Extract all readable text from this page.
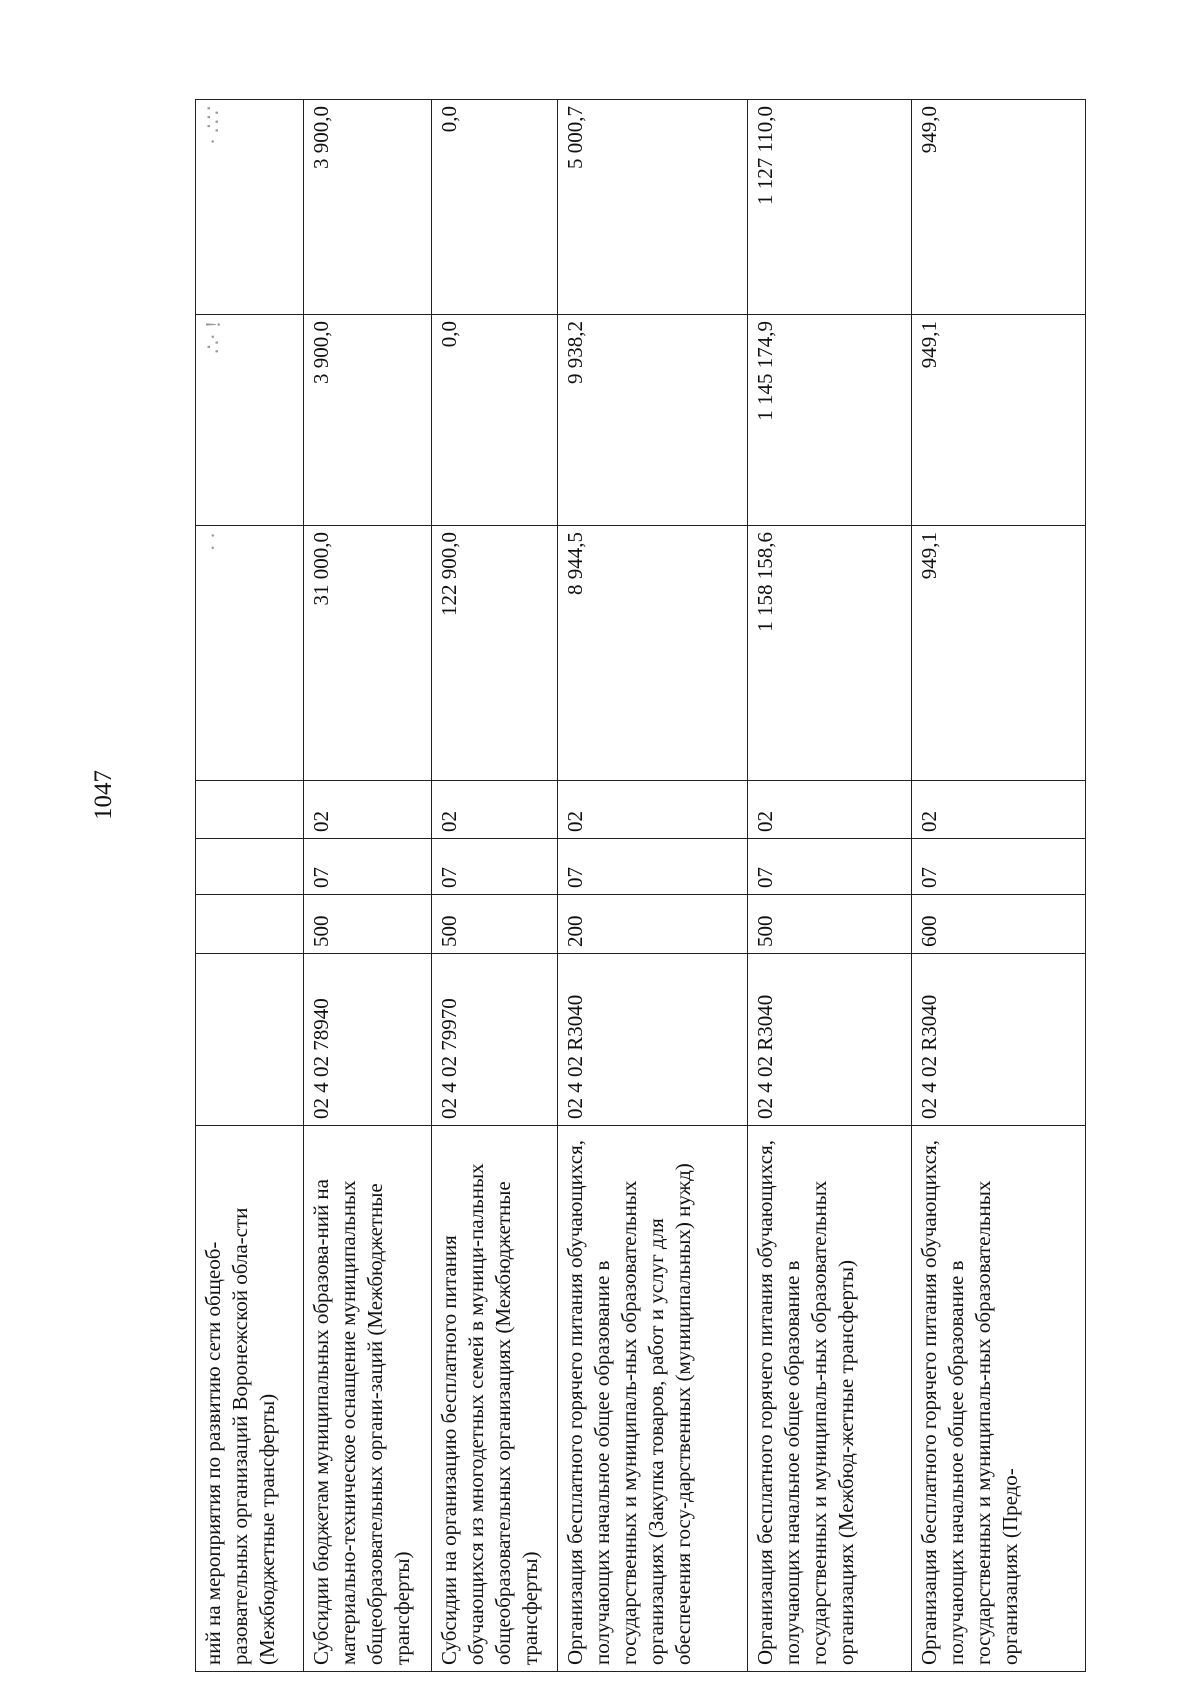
1047
ний на мероприятия по развитию сети общеоб-разовательных организаций Воронежской обла-сти (Межбюджетные трансферты)					· ·	∴· !	· ∴∵
Субсидии бюджетам муниципальных образова-ний на материально-техническое оснащение муниципальных общеобразовательных органи-заций (Межбюджетные трансферты)	02 4 02 78940	500	07	02	31 000,0	3 900,0	3 900,0
Субсидии на организацию бесплатного питания обучающихся из многодетных семей в муници-пальных общеобразовательных организациях (Межбюджетные трансферты)	02 4 02 79970	500	07	02	122 900,0	0,0	0,0
Организация бесплатного горячего питания обучающихся, получающих начальное общее образование в государственных и муниципаль-ных образовательных организациях (Закупка товаров, работ и услуг для обеспечения госу-дарственных (муниципальных) нужд)	02 4 02 R3040	200	07	02	8 944,5	9 938,2	5 000,7
Организация бесплатного горячего питания обучающихся, получающих начальное общее образование в государственных и муниципаль-ных образовательных организациях (Межбюд-жетные трансферты)	02 4 02 R3040	500	07	02	1 158 158,6	1 145 174,9	1 127 110,0
Организация бесплатного горячего питания обучающихся, получающих начальное общее образование в государственных и муниципаль-ных образовательных организациях (Предо-	02 4 02 R3040	600	07	02	949,1	949,1	949,0
